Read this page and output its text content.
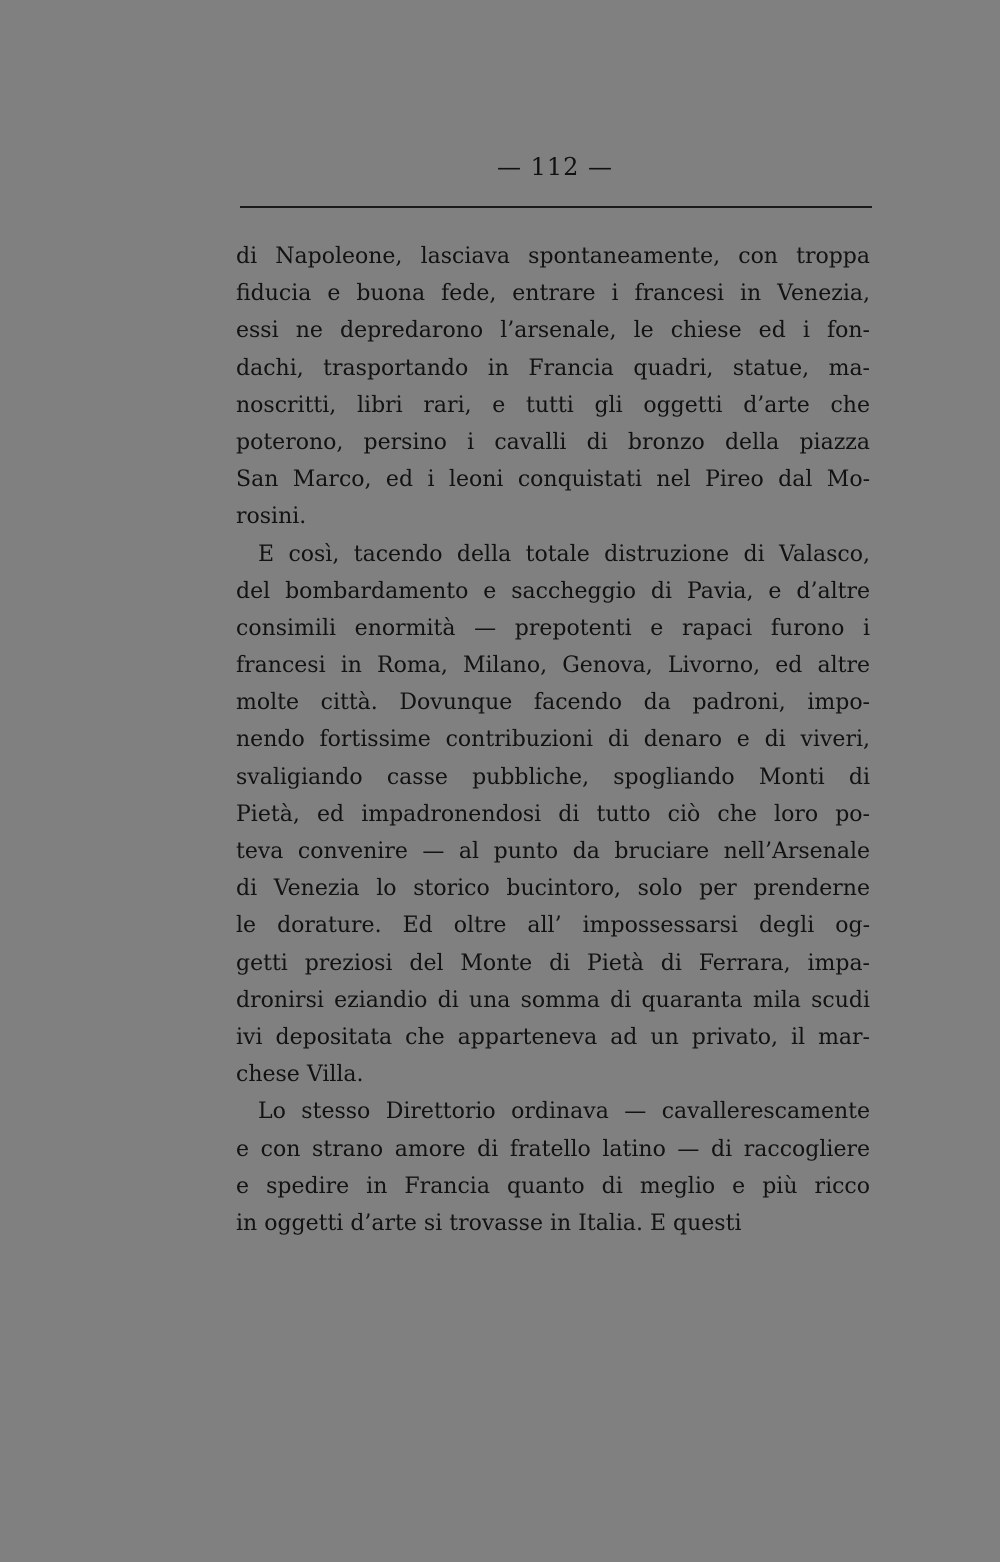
— 112 —
di Napoleone, lasciava spontaneamente, con troppa
fiducia e buona fede, entrare i francesi in Venezia,
essi ne depredarono l’arsenale, le chiese ed i fon-
dachi, trasportando in Francia quadri, statue, ma-
noscritti, libri rari, e tutti gli oggetti d’arte che
poterono, persino i cavalli di bronzo della piazza
San Marco, ed i leoni conquistati nel Pireo dal Mo-
rosini.
E così, tacendo della totale distruzione di Valasco,
del bombardamento e saccheggio di Pavia, e d’altre
consimili enormità — prepotenti e rapaci furono i
francesi in Roma, Milano, Genova, Livorno, ed altre
molte città. Dovunque facendo da padroni, impo-
nendo fortissime contribuzioni di denaro e di viveri,
svaligiando casse pubbliche, spogliando Monti di
Pietà, ed impadronendosi di tutto ciò che loro po-
teva convenire — al punto da bruciare nell’Arsenale
di Venezia lo storico bucintoro, solo per prenderne
le dorature. Ed oltre all’ impossessarsi degli og-
getti preziosi del Monte di Pietà di Ferrara, impa-
dronirsi eziandio di una somma di quaranta mila scudi
ivi depositata che apparteneva ad un privato, il mar-
chese Villa.
Lo stesso Direttorio ordinava — cavallerescamente
e con strano amore di fratello latino — di raccogliere
e spedire in Francia quanto di meglio e più ricco
in oggetti d’arte si trovasse in Italia. E questi
